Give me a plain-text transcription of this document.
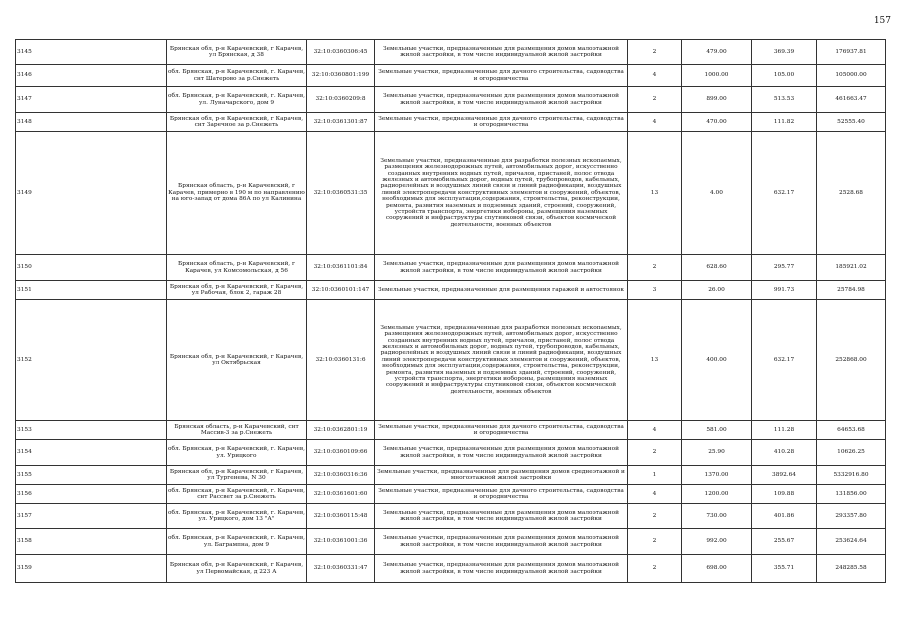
157
3145	Брянская обл, р-н Карачевский, г Карачев, ул Брянская, д 38	32:10:0360306:45	Земельные участки, предназначенные для размещения домов малоэтажной жилой застройки, в том числе индивидуальной жилой застройки	2	479.00	369.39	176937.81
3146	обл. Брянская, р-н Карачевский, г. Карачев, снт Шатерово за р.Снежеть	32:10:0360801:199	Земельные участки, предназначенные для дачного строительства, садоводства и огородничества	4	1000.00	105.00	105000.00
3147	обл. Брянская, р-н Карачевский, г. Карачев, ул. Луначарского, дом 9	32:10:0360209:8	Земельные участки, предназначенные для размещения домов малоэтажной жилой застройки, в том числе индивидуальной жилой застройки	2	899.00	513.53	461663.47
3148	Брянская обл, р-н Карачевский, г Карачев, снт Заречное за р.Снежеть	32:10:0361301:87	Земельные участки, предназначенные для дачного строительства, садоводства и огородничества	4	470.00	111.82	52555.40
3149	Брянская область, р-н Карачевский, г Карачев, примерно в 190 м по направлению на юго-запад от дома 86А по ул Калинина	32:10:0360531:35	Земельные участки, предназначенные для разработки полезных ископаемых, размещения железнодорожных путей, автомобильных дорог, искусственно созданных внутренних водных путей, причалов, пристаней, полос отвода железных и автомобильных дорог, водных путей, трубопроводов, кабельных, радиорелейных и воздушных линий связи и линий радиофикации, воздушных линий электропередачи конструктивных элементов и сооружений, объектов, необходимых для эксплуатации,содержания, строительства, реконструкции, ремонта, развития наземных и подземных зданий, строений, сооружений, устройств транспорта, энергетики иобороны, размещения наземных сооружений и инфраструктуры спутниковой связи, объектов космической деятельности, военных объектов	13	4.00	632.17	2528.68
3150	Брянская область, р-н Карачевский, г Карачев, ул Комсомольская, д 56	32:10:0361101:84	Земельные участки, предназначенные для размещения домов малоэтажной жилой застройки, в том числе индивидуальной жилой застройки	2	628.60	295.77	185921.02
3151	Брянская обл, р-н Карачевский, г Карачев, ул Рабочая, блок 2, гараж 28	32:10:0360101:147	Земельные участки, предназначенные для размещения гаражей и автостоянок	3	26.00	991.73	25784.98
3152	Брянская обл, р-н Карачевский, г Карачев, ул Октябрьская	32:10:0360131:6	Земельные участки, предназначенные для разработки полезных ископаемых, размещения железнодорожных путей, автомобильных дорог, искусственно созданных внутренних водных путей, причалов, пристаней, полос отвода железных и автомобильных дорог, водных путей, трубопроводов, кабельных, радиорелейных и воздушных линий связи и линий радиофикации, воздушных линий электропередачи конструктивных элементов и сооружений, объектов, необходимых для эксплуатации,содержания, строительства, реконструкции, ремонта, развития наземных и подземных зданий, строений, сооружений, устройств транспорта, энергетики иобороны, размещения наземных сооружений и инфраструктуры спутниковой связи, объектов космической деятельности, военных объектов	13	400.00	632.17	252868.00
3153	Брянская область, р-н Карачевский, снт Массив-3 за р.Снежеть	32:10:0362801:19	Земельные участки, предназначенные для дачного строительства, садоводства и огородничества	4	581.00	111.28	64653.68
3154	обл. Брянская, р-н Карачевский, г. Карачев, ул. Урицкого	32:10:0360109:66	Земельные участки, предназначенные для размещения домов малоэтажной жилой застройки, в том числе индивидуальной жилой застройки	2	25.90	410.28	10626.25
3155	Брянская обл, р-н Карачевский, г Карачев, ул Тургенева, N 30	32:10:0360316:36	Земельные участки, предназначенные для размещения домов среднеэтажной и многоэтажной жилой застройки	1	1370.00	3892.64	5332916.80
3156	обл. Брянская, р-н Карачевский, г. Карачев, снт Рассвет за р.Снежеть	32:10:0361601:60	Земельные участки, предназначенные для дачного строительства, садоводства и огородничества	4	1200.00	109.88	131856.00
3157	обл. Брянская, р-н Карачевский, г. Карачев, ул. Урицкого, дом 13 "А"	32:10:0360115:48	Земельные участки, предназначенные для размещения домов малоэтажной жилой застройки, в том числе индивидуальной жилой застройки	2	730.00	401.86	293357.80
3158	обл. Брянская, р-н Карачевский, г. Карачев, ул. Багрампна, дом 9	32:10:0361001:36	Земельные участки, предназначенные для размещения домов малоэтажной жилой застройки, в том числе индивидуальной жилой застройки	2	992.00	255.67	253624.64
3159	Брянская обл, р-н Карачевский, г Карачев, ул Первомайская, д 223 А	32:10:0360331:47	Земельные участки, предназначенные для размещения домов малоэтажной жилой застройки, в том числе индивидуальной жилой застройки	2	698.00	355.71	248285.58
